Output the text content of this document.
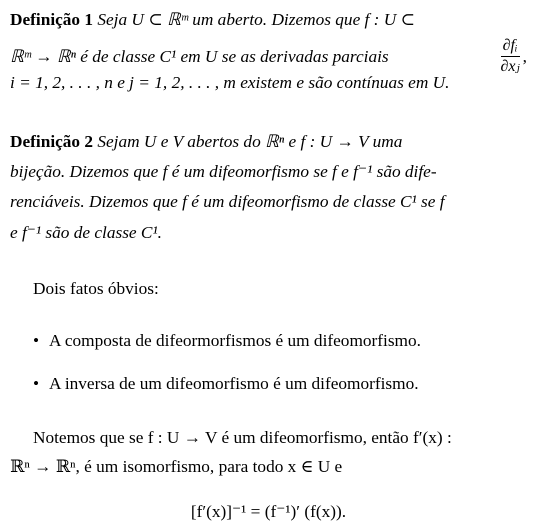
Definição 1 Seja U ⊂ ℝᵐ um aberto. Dizemos que f : U ⊂
ℝᵐ → ℝⁿ é de classe C¹ em U se as derivadas parciais	$\frac{\text{∂fᵢ}}{\text{∂xⱼ}}$ ,
i = 1, 2, . . . , n e j = 1, 2, . . . , m existem e são contínuas em U.
Definição 2 Sejam U e V abertos do ℝⁿ e f : U → V uma
bijeção. Dizemos que f é um difeomorfismo se f e f⁻¹ são dife-
renciáveis. Dizemos que f é um difeomorfismo de classe C¹ se f
e f⁻¹ são de classe C¹.
Dois fatos óbvios:
• A composta de difeormorfismos é um difeomorfismo.
• A inversa de um difeomorfismo é um difeomorfismo.
Notemos que se f : U → V é um difeomorfismo, então f′(x) :
ℝⁿ → ℝⁿ, é um isomorfismo, para todo x ∈ U e
[f′(x)]⁻¹ = (f⁻¹)′ (f(x)).
